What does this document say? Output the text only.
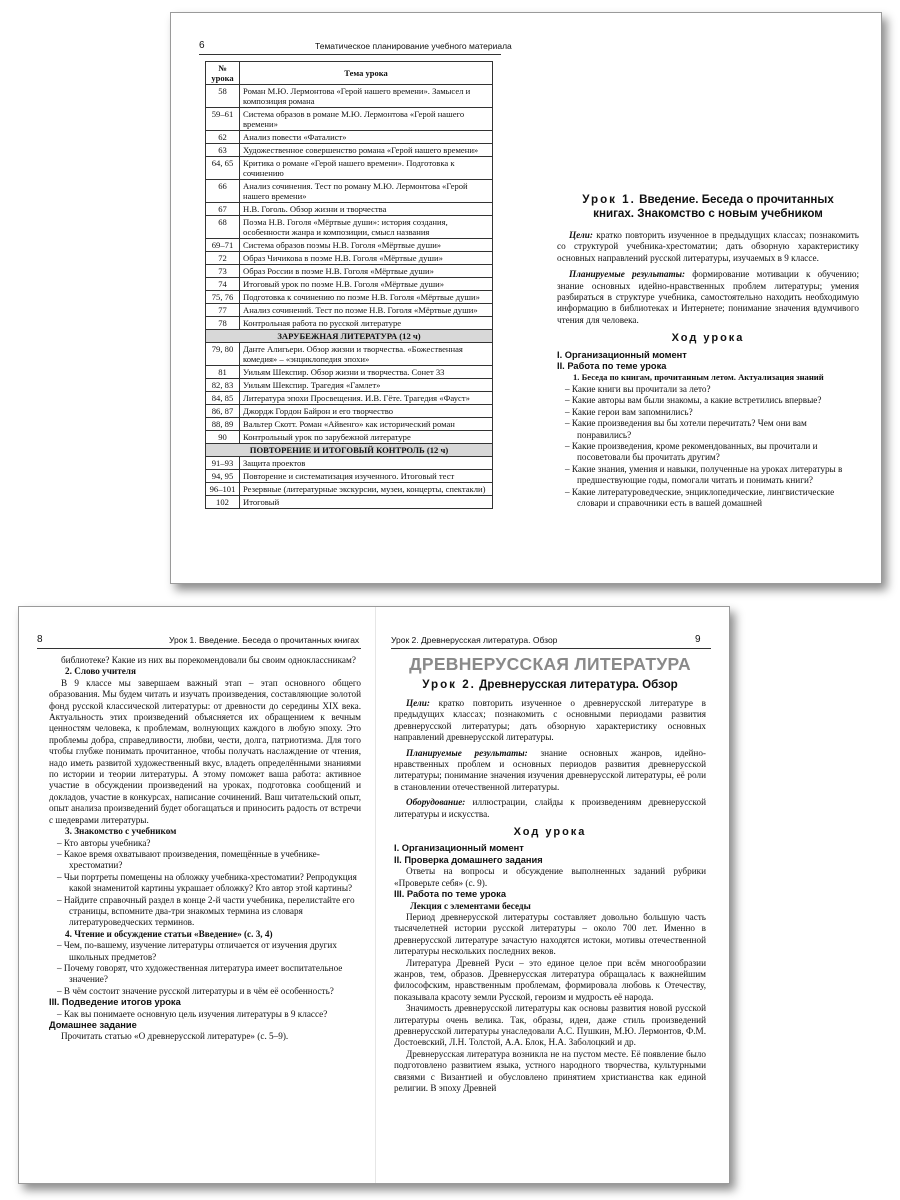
6	Тематическое планирование учебного материала
№
урока	Тема урока
58	Роман М.Ю. Лермонтова «Герой нашего времени». Замысел и композиция романа
59–61	Система образов в романе М.Ю. Лермонтова «Герой нашего времени»
62	Анализ повести «Фаталист»
63	Художественное совершенство романа «Герой нашего времени»
64, 65	Критика о романе «Герой нашего времени». Подготовка к сочинению
66	Анализ сочинения. Тест по роману М.Ю. Лермонтова «Герой нашего времени»
67	Н.В. Гоголь. Обзор жизни и творчества
68	Поэма Н.В. Гоголя «Мёртвые души»: история создания, особенности жанра и композиции, смысл названия
69–71	Система образов поэмы Н.В. Гоголя «Мёртвые души»
72	Образ Чичикова в поэме Н.В. Гоголя «Мёртвые души»
73	Образ России в поэме Н.В. Гоголя «Мёртвые души»
74	Итоговый урок по поэме Н.В. Гоголя «Мёртвые души»
75, 76	Подготовка к сочинению по поэме Н.В. Гоголя «Мёртвые души»
77	Анализ сочинений. Тест по поэме Н.В. Гоголя «Мёртвые души»
78	Контрольная работа по русской литературе
ЗАРУБЕЖНАЯ ЛИТЕРАТУРА (12 ч)	
79, 80	Данте Алигьери. Обзор жизни и творчества. «Божественная комедия» – «энциклопедия эпохи»
81	Уильям Шекспир. Обзор жизни и творчества. Сонет 33
82, 83	Уильям Шекспир. Трагедия «Гамлет»
84, 85	Литература эпохи Просвещения. И.В. Гёте. Трагедия «Фауст»
86, 87	Джордж Гордон Байрон и его творчество
88, 89	Вальтер Скотт. Роман «Айвенго» как исторический роман
90	Контрольный урок по зарубежной литературе
ПОВТОРЕНИЕ И ИТОГОВЫЙ КОНТРОЛЬ (12 ч)	
91–93	Защита проектов
94, 95	Повторение и систематизация изученного. Итоговый тест
96–101	Резервные (литературные экскурсии, музеи, концерты, спектакли)
102	Итоговый
Урок 1. Введение. Беседа о прочитанных
книгах. Знакомство с новым учебником

Цели: кратко повторить изученное в предыдущих классах; познакомить со структурой учебника-хрестоматии; дать обзорную характеристику основных направлений русской литературы, изучаемых в 9 классе.

Планируемые результаты: формирование мотивации к обучению; знание основных идейно-нравственных проблем литературы; умения разбираться в структуре учебника, самостоятельно находить необходимую информацию в библиотеках и Интернете; понимание значения вдумчивого чтения для человека.

Ход урока

I. Организационный момент

II. Работа по теме урока

1. Беседа по книгам, прочитанным летом. Актуализация знаний

– Какие книги вы прочитали за лето?

– Какие авторы вам были знакомы, а какие встретились впервые?

– Какие герои вам запомнились?

– Какие произведения вы бы хотели перечитать? Чем они вам понравились?

– Какие произведения, кроме рекомендованных, вы прочитали и посоветовали бы прочитать другим?

– Какие знания, умения и навыки, полученные на уроках литературы в предшествующие годы, помогали читать и понимать книги?

– Какие литературоведческие, энциклопедические, лингвистические словари и справочники есть в вашей домашней

8	Урок 1. Введение. Беседа о прочитанных книгах

библиотеке? Какие из них вы порекомендовали бы своим одноклассникам?

2. Слово учителя

В 9 классе мы завершаем важный этап – этап основного общего образования. Мы будем читать и изучать произведения, составляющие золотой фонд русской классической литературы: от древности до середины XIX века. Актуальность этих произведений объясняется их обращением к вечным ценностям человека, к проблемам, волнующих каждого в любую эпоху. Это проблемы добра, справедливости, любви, чести, долга, патриотизма. Для того чтобы глубже понимать прочитанное, чтобы получать наслаждение от чтения, надо иметь развитой художественный вкус, владеть определёнными знаниями по истории и теории литературы. А этому поможет ваша работа: активное участие в обсуждении произведений на уроках, подготовка сообщений и докладов, участие в конкурсах, написание сочинений. Ваш читательский опыт, опыт анализа произведений будет обогащаться и приносить радость от встречи с шедеврами литературы.

3. Знакомство с учебником

– Кто авторы учебника?

– Какое время охватывают произведения, помещённые в учебнике-хрестоматии?

– Чьи портреты помещены на обложку учебника-хрестоматии? Репродукция какой знаменитой картины украшает обложку? Кто автор этой картины?

– Найдите справочный раздел в конце 2-й части учебника, перелистайте его страницы, вспомните два-три знакомых термина из словаря литературоведческих терминов.

4. Чтение и обсуждение статьи «Введение» (с. 3, 4)

– Чем, по-вашему, изучение литературы отличается от изучения других школьных предметов?

– Почему говорят, что художественная литература имеет воспитательное значение?

– В чём состоит значение русской литературы и в чём её особенность?

III. Подведение итогов урока

– Как вы понимаете основную цель изучения литературы в 9 классе?

Домашнее задание

Прочитать статью «О древнерусской литературе» (с. 5–9).

Урок 2. Древнерусская литература. Обзор	9
ДРЕВНЕРУССКАЯ ЛИТЕРАТУРА
Урок 2. Древнерусская литература. Обзор

Цели: кратко повторить изученное о древнерусской литературе в предыдущих классах; познакомить с основными периодами развития древнерусской литературы; дать обзорную характеристику основных направлений древнерусской литературы.

Планируемые результаты: знание основных жанров, идейно-нравственных проблем и основных периодов развития древнерусской литературы; понимание значения изучения древнерусской литературы, её роли в становлении отечественной литературы.

Оборудование: иллюстрации, слайды к произведениям древнерусской литературы и искусства.

Ход урока

I. Организационный момент

II. Проверка домашнего задания

Ответы на вопросы и обсуждение выполненных заданий рубрики «Проверьте себя» (с. 9).

III. Работа по теме урока

Лекция с элементами беседы

Период древнерусской литературы составляет довольно большую часть тысячелетней истории русской литературы – около 700 лет. Именно в древнерусской литературе зачастую находятся истоки, мотивы отечественной литературы нескольких последних веков.

Литература Древней Руси – это единое целое при всём многообразии жанров, тем, образов. Древнерусская литература обращалась к важнейшим философским, нравственным проблемам, формировала любовь к Отечеству, показывала красоту земли Русской, героизм и мудрость её народа.

Значимость древнерусской литературы как основы развития новой русской литературы очень велика. Так, образы, идеи, даже стиль произведений древнерусской литературы унаследовали А.С. Пушкин, М.Ю. Лермонтов, Ф.М. Достоевский, Л.Н. Толстой, А.А. Блок, Н.А. Заболоцкий и др.

Древнерусская литература возникла не на пустом месте. Её появление было подготовлено развитием языка, устного народного творчества, культурными связями с Византией и обусловлено принятием христианства как единой религии. В эпоху Древней
